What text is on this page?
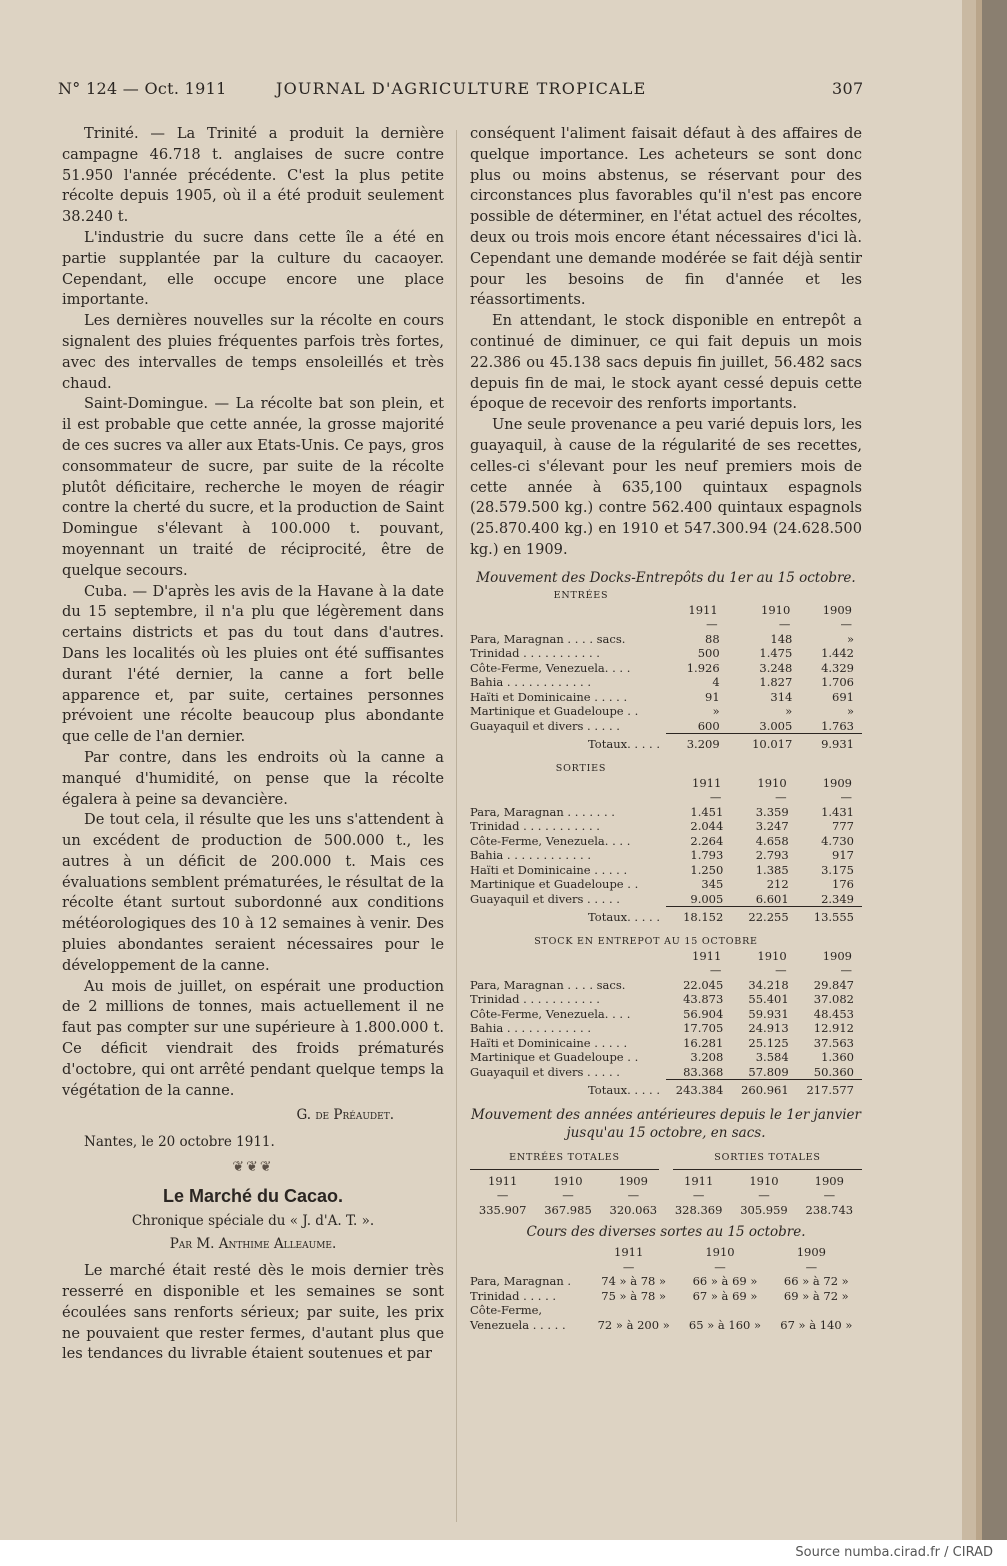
N° 124 — Oct. 1911	JOURNAL D'AGRICULTURE TROPICALE	307

Trinité. — La Trinité a produit la dernière campagne 46.718 t. anglaises de sucre contre 51.950 l'année précédente. C'est la plus petite récolte depuis 1905, où il a été produit seulement 38.240 t.

L'industrie du sucre dans cette île a été en partie supplantée par la culture du cacaoyer. Cependant, elle occupe encore une place importante.

Les dernières nouvelles sur la récolte en cours signalent des pluies fréquentes parfois très fortes, avec des intervalles de temps ensoleillés et très chaud.

Saint-Domingue. — La récolte bat son plein, et il est probable que cette année, la grosse majorité de ces sucres va aller aux Etats-Unis. Ce pays, gros consommateur de sucre, par suite de la récolte plutôt déficitaire, recherche le moyen de réagir contre la cherté du sucre, et la production de Saint Domingue s'élevant à 100.000 t. pouvant, moyennant un traité de réciprocité, être de quelque secours.

Cuba. — D'après les avis de la Havane à la date du 15 septembre, il n'a plu que légèrement dans certains districts et pas du tout dans d'autres. Dans les localités où les pluies ont été suffisantes durant l'été dernier, la canne a fort belle apparence et, par suite, certaines personnes prévoient une récolte beaucoup plus abondante que celle de l'an dernier.

Par contre, dans les endroits où la canne a manqué d'humidité, on pense que la récolte égalera à peine sa devancière.

De tout cela, il résulte que les uns s'attendent à un excédent de production de 500.000 t., les autres à un déficit de 200.000 t. Mais ces évaluations semblent prématurées, le résultat de la récolte étant surtout subordonné aux conditions météorologiques des 10 à 12 semaines à venir. Des pluies abondantes seraient nécessaires pour le développement de la canne.

Au mois de juillet, on espérait une production de 2 millions de tonnes, mais actuellement il ne faut pas compter sur une supérieure à 1.800.000 t. Ce déficit viendrait des froids prématurés d'octobre, qui ont arrêté pendant quelque temps la végétation de la canne.

G. de Préaudet.

Nantes, le 20 octobre 1911.

❦❦❦

Le Marché du Cacao.

Chronique spéciale du « J. d'A. T. ».

Par M. Anthime Alleaume.

Le marché était resté dès le mois dernier très resserré en disponible et les semaines se sont écoulées sans renforts sérieux; par suite, les prix ne pouvaient que rester fermes, d'autant plus que les tendances du livrable étaient soutenues et par

conséquent l'aliment faisait défaut à des affaires de quelque importance. Les acheteurs se sont donc plus ou moins abstenus, se réservant pour des circonstances plus favorables qu'il n'est pas encore possible de déterminer, en l'état actuel des récoltes, deux ou trois mois encore étant nécessaires d'ici là. Cependant une demande modérée se fait déjà sentir pour les besoins de fin d'année et les réassortiments.

En attendant, le stock disponible en entrepôt a continué de diminuer, ce qui fait depuis un mois 22.386 ou 45.138 sacs depuis fin juillet, 56.482 sacs depuis fin de mai, le stock ayant cessé depuis cette époque de recevoir des renforts importants.

Une seule provenance a peu varié depuis lors, les guayaquil, à cause de la régularité de ses recettes, celles-ci s'élevant pour les neuf premiers mois de cette année à 635,100 quintaux espagnols (28.579.500 kg.) contre 562.400 quintaux espagnols (25.870.400 kg.) en 1910 et 547.300.94 (24.628.500 kg.) en 1909.

Mouvement des Docks-Entrepôts du 1er au 15 octobre.
ENTRÉES
	1911	1910	1909
	—	—	—
Para, Maragnan . . . . sacs.	88	148	»
Trinidad . . . . . . . . . . .	500	1.475	1.442
Côte-Ferme, Venezuela. . . .	1.926	3.248	4.329
Bahia . . . . . . . . . . . .	4	1.827	1.706
Haïti et Dominicaine . . . . .	91	314	691
Martinique et Guadeloupe . .	»	»	»
Guayaquil et divers . . . . .	600	3.005	1.763
Totaux. . . . .	3.209	10.017	9.931
SORTIES
	1911	1910	1909
	—	—	—
Para, Maragnan . . . . . . .	1.451	3.359	1.431
Trinidad . . . . . . . . . . .	2.044	3.247	777
Côte-Ferme, Venezuela. . . .	2.264	4.658	4.730
Bahia . . . . . . . . . . . .	1.793	2.793	917
Haïti et Dominicaine . . . . .	1.250	1.385	3.175
Martinique et Guadeloupe . .	345	212	176
Guayaquil et divers . . . . .	9.005	6.601	2.349
Totaux. . . . .	18.152	22.255	13.555
STOCK EN ENTREPOT AU 15 OCTOBRE
	1911	1910	1909
	—	—	—
Para, Maragnan . . . . sacs.	22.045	34.218	29.847
Trinidad . . . . . . . . . . .	43.873	55.401	37.082
Côte-Ferme, Venezuela. . . .	56.904	59.931	48.453
Bahia . . . . . . . . . . . .	17.705	24.913	12.912
Haïti et Dominicaine . . . . .	16.281	25.125	37.563
Martinique et Guadeloupe . .	3.208	3.584	1.360
Guayaquil et divers . . . . .	83.368	57.809	50.360
Totaux. . . . .	243.384	260.961	217.577
Mouvement des années antérieures depuis le 1er janvier jusqu'au 15 octobre, en sacs.
ENTRÉES TOTALES	SORTIES TOTALES
1911	1910	1909	1911	1910	1909
—	—	—	—	—	—
335.907	367.985	320.063	328.369	305.959	238.743
Cours des diverses sortes au 15 octobre.
	1911	1910	1909
	—	—	—
Para, Maragnan .	74 » à 78 »	66 » à 69 »	66 » à 72 »
Trinidad . . . . .	75 » à 78 »	67 » à 69 »	69 » à 72 »
Côte-Ferme, Venezuela . . . . .	72 » à 200 »	65 » à 160 »	67 » à 140 »
Source numba.cirad.fr / CIRAD
